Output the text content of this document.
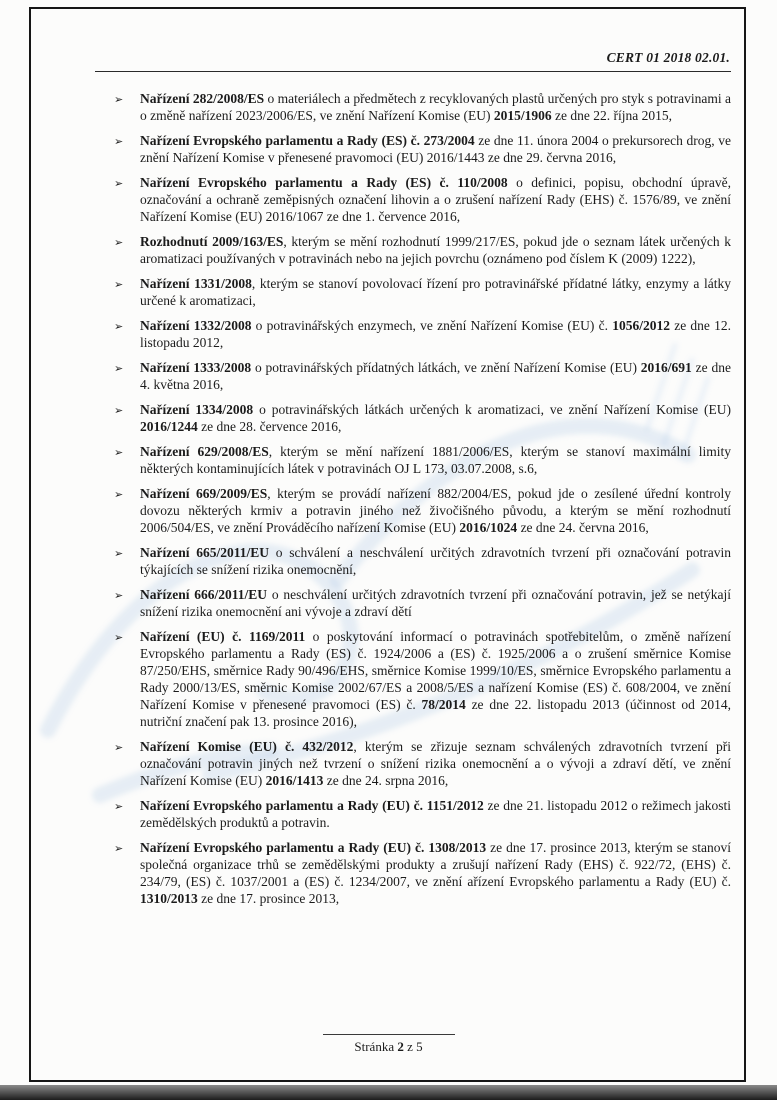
CERT 01 2018 02.01.
➢ Nařízení 282/2008/ES o materiálech a předmětech z recyklovaných plastů určených pro styk s potravinami a o změně nařízení 2023/2006/ES, ve znění Nařízení Komise (EU) 2015/1906 ze dne 22. října 2015,
➢ Nařízení Evropského parlamentu a Rady (ES) č. 273/2004 ze dne 11. února 2004 o prekursorech drog, ve znění Nařízení Komise v přenesené pravomoci (EU) 2016/1443 ze dne 29. června 2016,
➢ Nařízení Evropského parlamentu a Rady (ES) č. 110/2008 o definici, popisu, obchodní úpravě, označování a ochraně zeměpisných označení lihovin a o zrušení nařízení Rady (EHS) č. 1576/89, ve znění Nařízení Komise (EU) 2016/1067 ze dne 1. července 2016,
➢ Rozhodnutí 2009/163/ES, kterým se mění rozhodnutí 1999/217/ES, pokud jde o seznam látek určených k aromatizaci používaných v potravinách nebo na jejich povrchu (oznámeno pod číslem K (2009) 1222),
➢ Nařízení 1331/2008, kterým se stanoví povolovací řízení pro potravinářské přídatné látky, enzymy a látky určené k aromatizaci,
➢ Nařízení 1332/2008 o potravinářských enzymech, ve znění Nařízení Komise (EU) č. 1056/2012 ze dne 12. listopadu 2012,
➢ Nařízení 1333/2008 o potravinářských přídatných látkách, ve znění Nařízení Komise (EU) 2016/691 ze dne 4. května 2016,
➢ Nařízení 1334/2008 o potravinářských látkách určených k aromatizaci, ve znění Nařízení Komise (EU) 2016/1244 ze dne 28. července 2016,
➢ Nařízení 629/2008/ES, kterým se mění nařízení 1881/2006/ES, kterým se stanoví maximální limity některých kontaminujících látek v potravinách OJ L 173, 03.07.2008, s.6,
➢ Nařízení 669/2009/ES, kterým se provádí nařízení 882/2004/ES, pokud jde o zesílené úřední kontroly dovozu některých krmiv a potravin jiného než živočišného původu, a kterým se mění rozhodnutí 2006/504/ES, ve znění Prováděcího nařízení Komise (EU) 2016/1024 ze dne 24. června 2016,
➢ Nařízení 665/2011/EU o schválení a neschválení určitých zdravotních tvrzení při označování potravin týkajících se snížení rizika onemocnění,
➢ Nařízení 666/2011/EU o neschválení určitých zdravotních tvrzení při označování potravin, jež se netýkají snížení rizika onemocnění ani vývoje a zdraví dětí
➢ Nařízení (EU) č. 1169/2011 o poskytování informací o potravinách spotřebitelům, o změně nařízení Evropského parlamentu a Rady (ES) č. 1924/2006 a (ES) č. 1925/2006 a o zrušení směrnice Komise 87/250/EHS, směrnice Rady 90/496/EHS, směrnice Komise 1999/10/ES, směrnice Evropského parlamentu a Rady 2000/13/ES, směrnic Komise 2002/67/ES a 2008/5/ES a nařízení Komise (ES) č. 608/2004, ve znění Nařízení Komise v přenesené pravomoci (ES) č. 78/2014 ze dne 22. listopadu 2013 (účinnost od 2014, nutriční značení pak 13. prosince 2016),
➢ Nařízení Komise (EU) č. 432/2012, kterým se zřizuje seznam schválených zdravotních tvrzení při označování potravin jiných než tvrzení o snížení rizika onemocnění a o vývoji a zdraví dětí, ve znění Nařízení Komise (EU) 2016/1413 ze dne 24. srpna 2016,
➢ Nařízení Evropského parlamentu a Rady (EU) č. 1151/2012 ze dne 21. listopadu 2012 o režimech jakosti zemědělských produktů a potravin.
➢ Nařízení Evropského parlamentu a Rady (EU) č. 1308/2013 ze dne 17. prosince 2013, kterým se stanoví společná organizace trhů se zemědělskými produkty a zrušují nařízení Rady (EHS) č. 922/72, (EHS) č. 234/79, (ES) č. 1037/2001 a (ES) č. 1234/2007, ve znění ařízení Evropského parlamentu a Rady (EU) č. 1310/2013 ze dne 17. prosince 2013,
Stránka 2 z 5
